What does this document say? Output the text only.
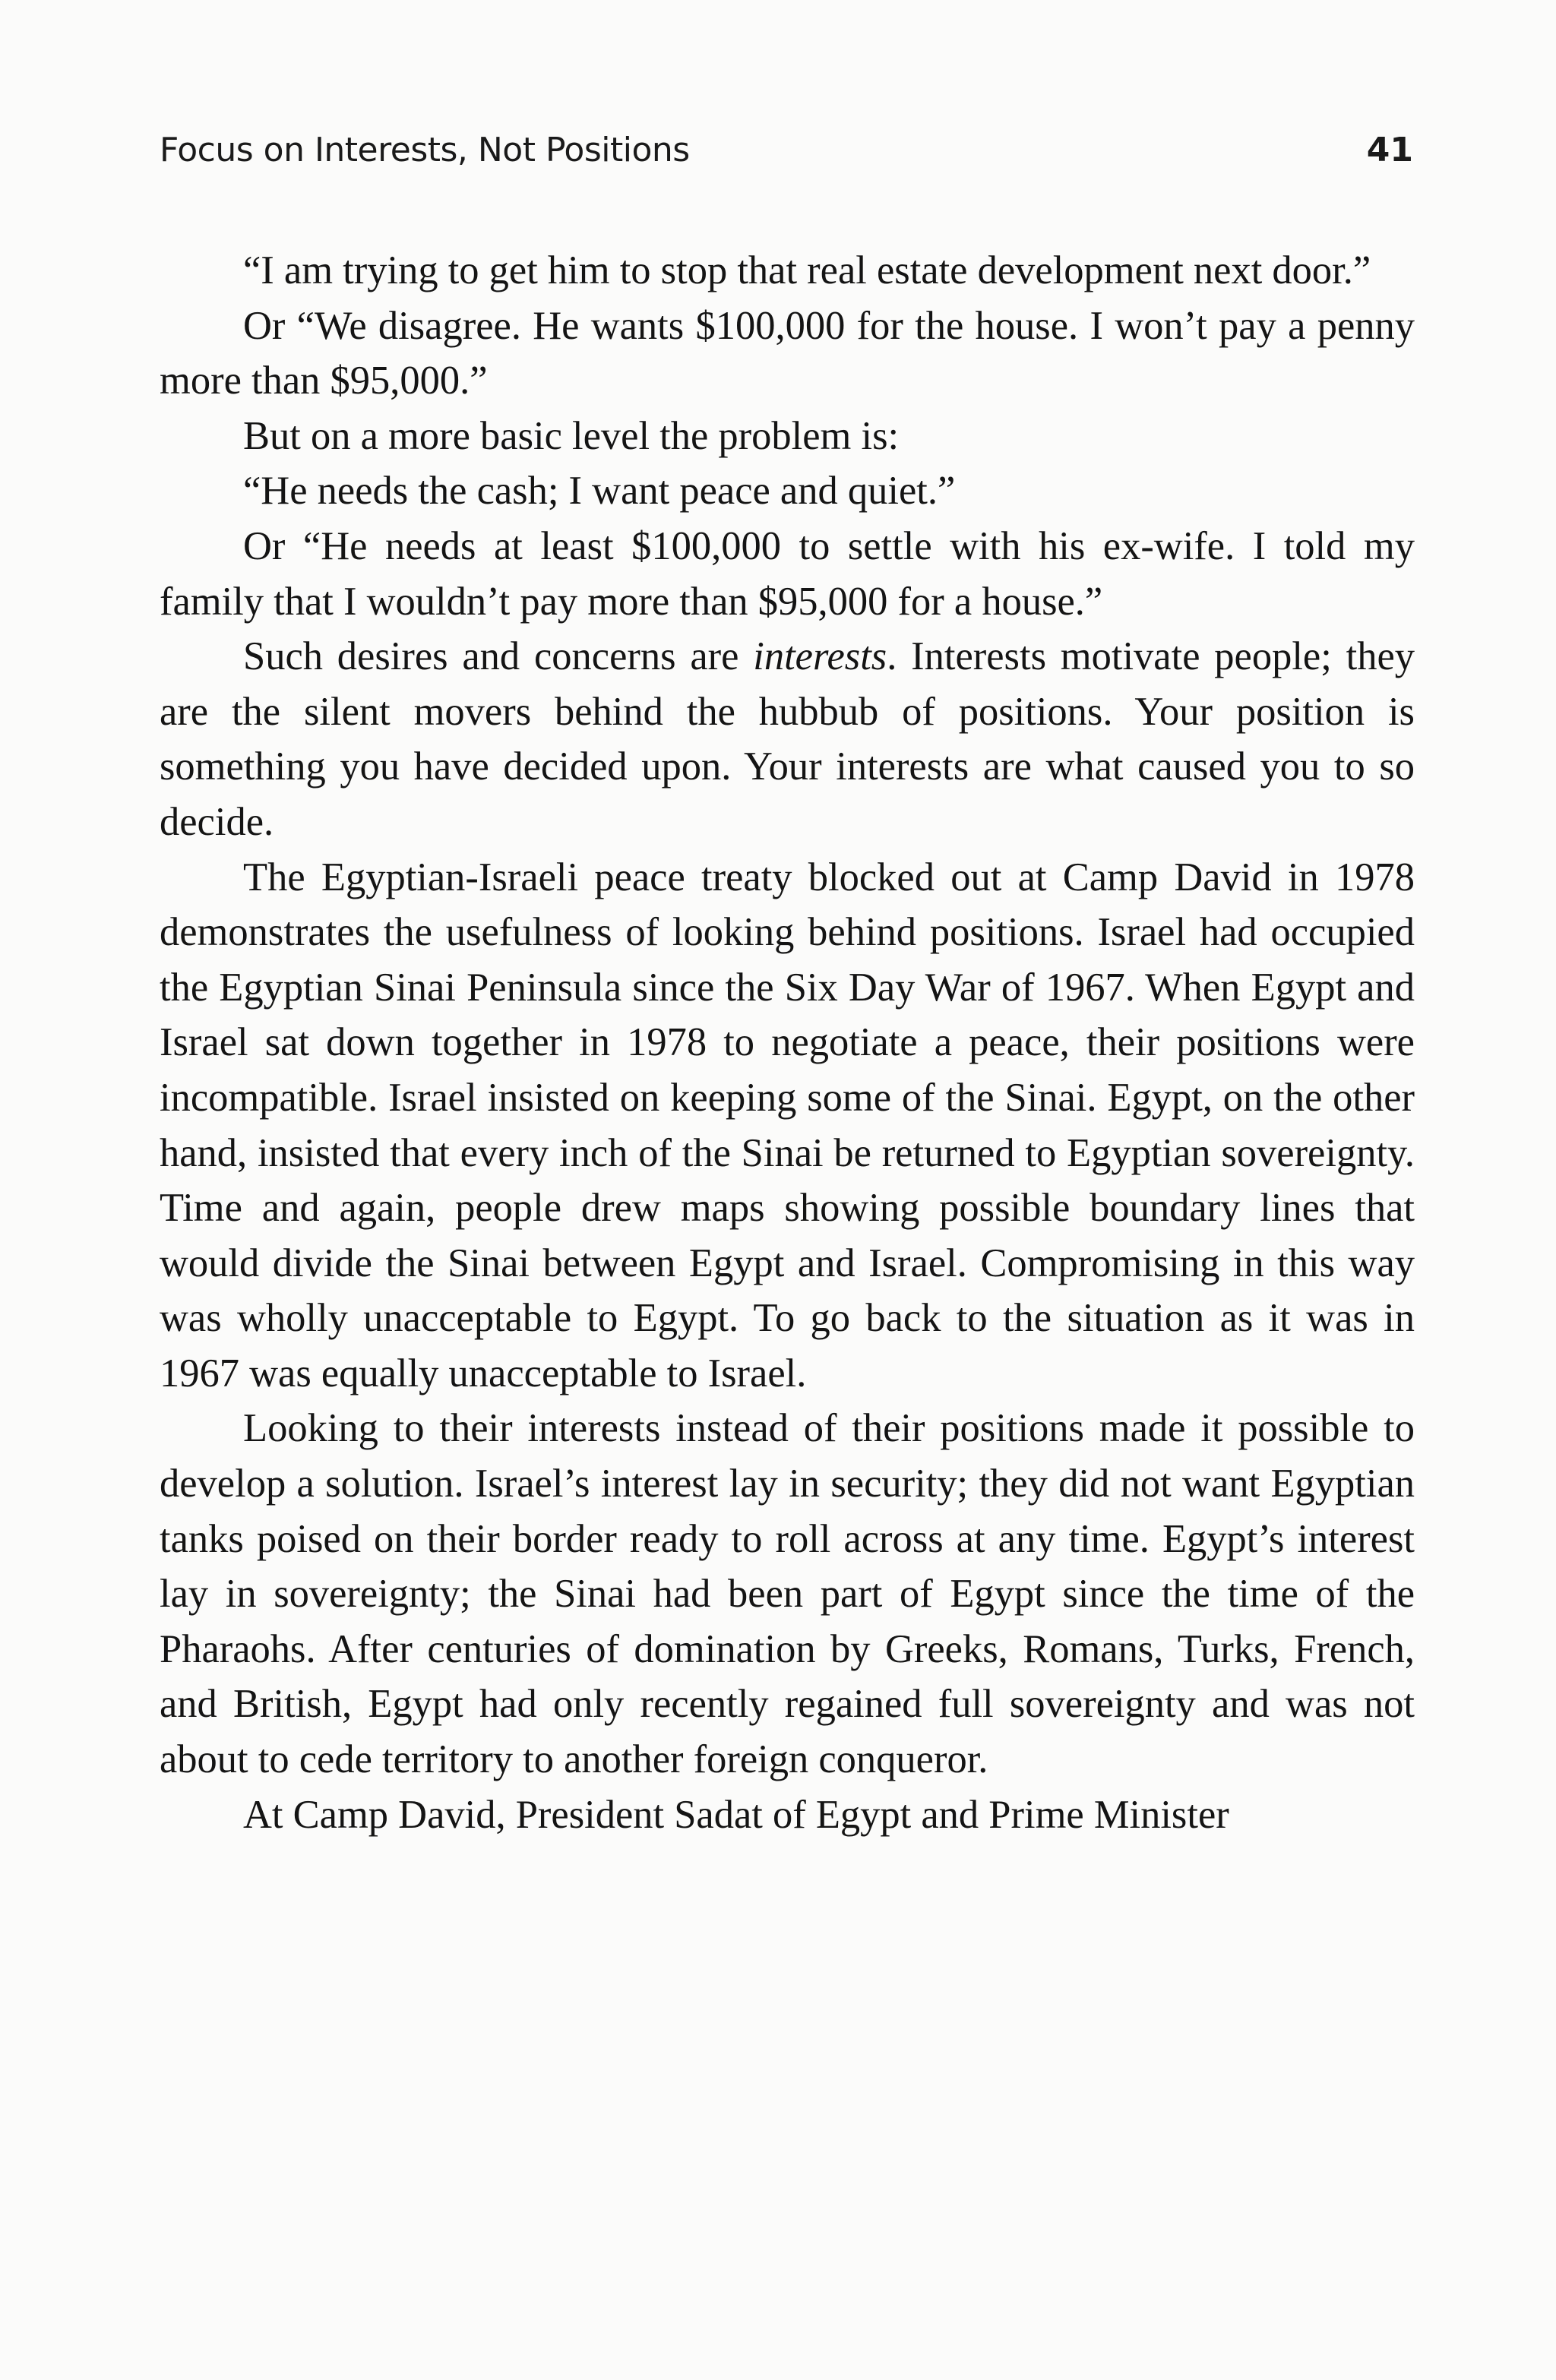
Focus on Interests, Not Positions	41

“I am trying to get him to stop that real estate development next door.”

Or “We disagree. He wants $100,000 for the house. I won’t pay a penny more than $95,000.”

But on a more basic level the problem is:

“He needs the cash; I want peace and quiet.”

Or “He needs at least $100,000 to settle with his ex-wife. I told my family that I wouldn’t pay more than $95,000 for a house.”

Such desires and concerns are interests. Interests motivate people; they are the silent movers behind the hubbub of positions. Your position is something you have decided upon. Your interests are what caused you to so decide.

The Egyptian-Israeli peace treaty blocked out at Camp David in 1978 demonstrates the usefulness of looking behind positions. Israel had occupied the Egyptian Sinai Peninsula since the Six Day War of 1967. When Egypt and Israel sat down together in 1978 to negotiate a peace, their positions were incompatible. Israel insisted on keeping some of the Sinai. Egypt, on the other hand, insisted that every inch of the Sinai be returned to Egyptian sovereignty. Time and again, people drew maps showing possible boundary lines that would divide the Sinai between Egypt and Israel. Compromising in this way was wholly unacceptable to Egypt. To go back to the situation as it was in 1967 was equally unacceptable to Israel.

Looking to their interests instead of their positions made it possible to develop a solution. Israel’s interest lay in security; they did not want Egyptian tanks poised on their border ready to roll across at any time. Egypt’s interest lay in sovereignty; the Sinai had been part of Egypt since the time of the Pharaohs. After centuries of domination by Greeks, Romans, Turks, French, and British, Egypt had only recently regained full sovereignty and was not about to cede territory to another foreign conqueror.

At Camp David, President Sadat of Egypt and Prime Minister
